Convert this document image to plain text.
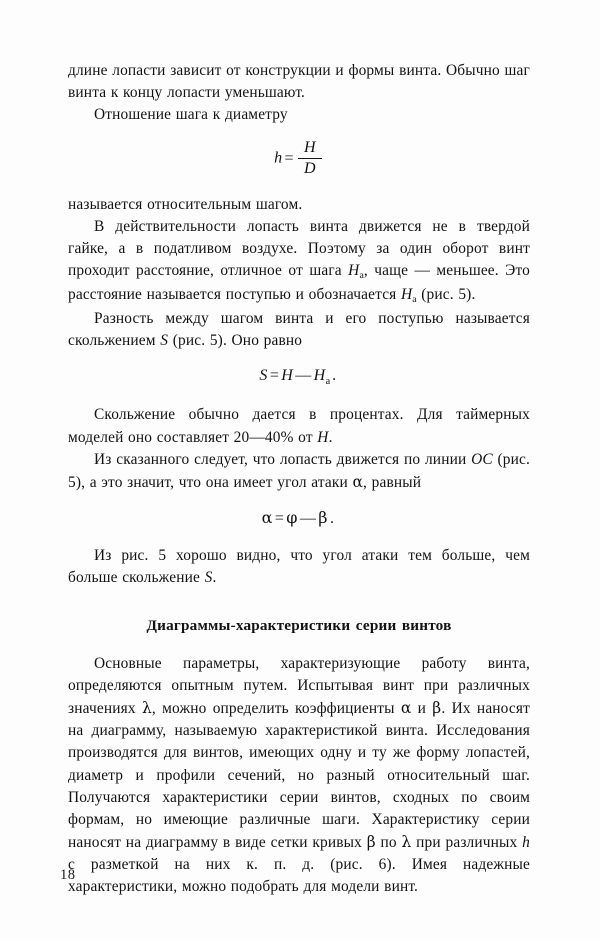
длине лопасти зависит от конструкции и формы винта. Обычно шаг винта к концу лопасти уменьшают.

Отношение шага к диаметру

$h = \frac{H}{D}$

называется относительным шагом.

В действительности лопасть винта движется не в твердой гайке, а в податливом воздухе. Поэтому за один оборот винт проходит расстояние, отличное от шага $H_а$, чаще — меньшее. Это расстояние называется поступью и обозначается $H_а$ (рис. 5).

Разность между шагом винта и его поступью называется скольжением S (рис. 5). Оно равно

S = H — $H_а$ .

Скольжение обычно дается в процентах. Для таймерных моделей оно составляет 20—40% от H.

Из сказанного следует, что лопасть движется по линии ОС (рис. 5), а это значит, что она имеет угол атаки α, равный

α = φ — β .

Из рис. 5 хорошо видно, что угол атаки тем больше, чем больше скольжение S.

Диаграммы-характеристики серии винтов

Основные параметры, характеризующие работу винта, определяются опытным путем. Испытывая винт при различных значениях λ, можно определить коэффициенты α и β. Их наносят на диаграмму, называемую характеристикой винта. Исследования производятся для винтов, имеющих одну и ту же форму лопастей, диаметр и профили сечений, но разный относительный шаг. Получаются характеристики серии винтов, сходных по своим формам, но имеющие различные шаги. Характеристику серии наносят на диаграмму в виде сетки кривых β по λ при различных h с разметкой на них к. п. д. (рис. 6). Имея надежные характеристики, можно подобрать для модели винт.

18
